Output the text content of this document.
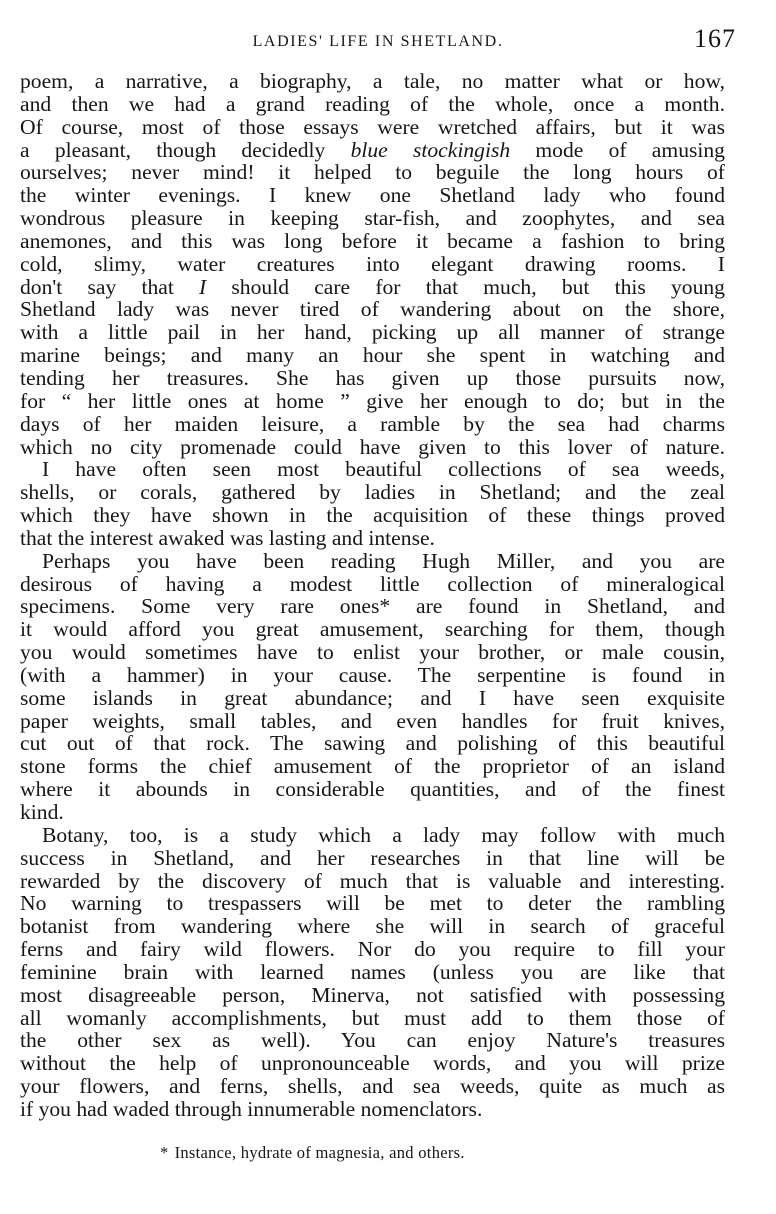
LADIES' LIFE IN SHETLAND.	167
poem, a narrative, a biography, a tale, no matter what or how,
and then we had a grand reading of the whole, once a month.
Of course, most of those essays were wretched affairs, but it was
a pleasant, though decidedly blue stockingish mode of amusing
ourselves; never mind! it helped to beguile the long hours of
the winter evenings. I knew one Shetland lady who found
wondrous pleasure in keeping star-fish, and zoophytes, and sea
anemones, and this was long before it became a fashion to bring
cold, slimy, water creatures into elegant drawing rooms. I
don't say that I should care for that much, but this young
Shetland lady was never tired of wandering about on the shore,
with a little pail in her hand, picking up all manner of strange
marine beings; and many an hour she spent in watching and
tending her treasures. She has given up those pursuits now,
for “ her little ones at home ” give her enough to do; but in the
days of her maiden leisure, a ramble by the sea had charms
which no city promenade could have given to this lover of nature.
I have often seen most beautiful collections of sea weeds,
shells, or corals, gathered by ladies in Shetland; and the zeal
which they have shown in the acquisition of these things proved
that the interest awaked was lasting and intense.
Perhaps you have been reading Hugh Miller, and you are
desirous of having a modest little collection of mineralogical
specimens. Some very rare ones* are found in Shetland, and
it would afford you great amusement, searching for them, though
you would sometimes have to enlist your brother, or male cousin,
(with a hammer) in your cause. The serpentine is found in
some islands in great abundance; and I have seen exquisite
paper weights, small tables, and even handles for fruit knives,
cut out of that rock. The sawing and polishing of this beautiful
stone forms the chief amusement of the proprietor of an island
where it abounds in considerable quantities, and of the finest
kind.
Botany, too, is a study which a lady may follow with much
success in Shetland, and her researches in that line will be
rewarded by the discovery of much that is valuable and interesting.
No warning to trespassers will be met to deter the rambling
botanist from wandering where she will in search of graceful
ferns and fairy wild flowers. Nor do you require to fill your
feminine brain with learned names (unless you are like that
most disagreeable person, Minerva, not satisfied with possessing
all womanly accomplishments, but must add to them those of
the other sex as well). You can enjoy Nature's treasures
without the help of unpronounceable words, and you will prize
your flowers, and ferns, shells, and sea weeds, quite as much as
if you had waded through innumerable nomenclators.
* Instance, hydrate of magnesia, and others.
